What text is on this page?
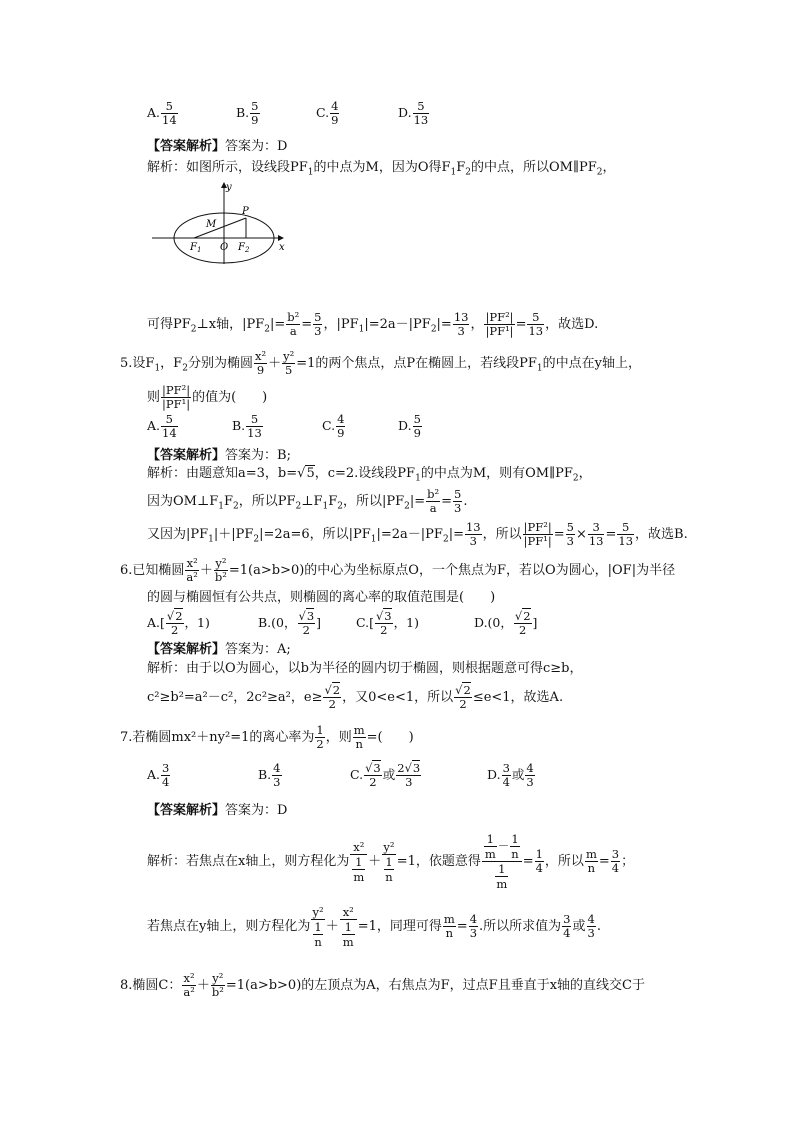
A. $\frac{5}{14}$	B. $\frac{5}{9}$	C. $\frac{4}{9}$	D. $\frac{5}{13}$
【答案解析】答案为：D
解析：如图所示，设线段$PF_1$的中点为M，因为O得$F_1F_2$的中点，所以$OM\parallel PF_2$，
y
x
M
P
O
$F_1$	$F_2$
可得$PF_2\perp x$轴，$|PF_2|= \frac{\text{b²}}{a} = \frac{5}{3}$ ，$|PF_1|=2a-|PF_2|= \frac{13}{3}$ ， $\frac{\text{|PF²|}}{\text{|PF¹|}} = \frac{5}{13}$ ，故选D.
5.设$F_1$，$F_2$分别为椭圆 $\frac{\text{x²}}{9} + \frac{\text{y²}}{5} =1$的两个焦点，点P在椭圆上，若线段$PF_1$的中点在y轴上，
则 $\frac{\text{|PF²|}}{\text{|PF¹|}}$ 的值为(　　)
A. $\frac{5}{14}$	B. $\frac{5}{13}$	C. $\frac{4}{9}$	D. $\frac{5}{9}$
【答案解析】答案为：B;
解析：由题意知a=3，b=√5，c=2.设线段$PF_1$的中点为M，则有$OM\parallel PF_2$，
因为$OM\perp F_1F_2$，所以$PF_2\perp F_1F_2$，所以$|PF_2|= \frac{\text{b²}}{a} = \frac{5}{3}$ .
又因为$|PF_1|+|PF_2|=2a=6$，所以$|PF_1|=2a-|PF_2|= \frac{13}{3}$ ，所以 $\frac{\text{|PF²|}}{\text{|PF¹|}} = \frac{5}{3} \times \frac{3}{13} = \frac{5}{13}$ ，故选B.
6.已知椭圆 $\frac{\text{x²}}{\text{a²}} + \frac{\text{y²}}{\text{b²}} =1(a>b>0)$的中心为坐标原点O，一个焦点为F，若以O为圆心，|OF|为半径
的圆与椭圆恒有公共点，则椭圆的离心率的取值范围是(　　)
$A.[ \frac{√2}{2}$ ，1)	B.(0， $\frac{√3}{2}$ ]	$C.[ \frac{√3}{2}$ ，1)	D.(0， $\frac{√2}{2}$ ]
【答案解析】答案为：A;
解析：由于以O为圆心，以b为半径的圆内切于椭圆，则根据题意可得c≥b，
c²≥b²=a²－c²，2c²≥a²，$e\ge \frac{√2}{2}$ ，又0<e<1，所以 $\frac{√2}{2} \le e<1$，故选A.
7.若椭圆mx²＋ny²=1的离心率为 $\frac{1}{2}$ ，则 $\frac{m}{n}$ =(　　)
A. $\frac{3}{4}$	B. $\frac{4}{3}$	C. $\frac{√3}{2}$ 或 $\frac{2√3}{3}$	D. $\frac{3}{4}$ 或 $\frac{4}{3}$
【答案解析】答案为：D
解析：若焦点在x轴上，则方程化为 $\frac{\text{x²}}{\frac{1}{m}} + \frac{\text{y²}}{\frac{1}{n}} =1$，依题意得 $\frac{\frac{1}{m} - \frac{1}{n}}{\frac{1}{m}} = \frac{1}{4}$ ，所以 $\frac{m}{n} = \frac{3}{4}$ ；
若焦点在y轴上，则方程化为 $\frac{\text{y²}}{\frac{1}{n}} + \frac{\text{x²}}{\frac{1}{m}} =1$，同理可得 $\frac{m}{n} = \frac{4}{3}$ .所以所求值为 $\frac{3}{4}$ 或 $\frac{4}{3}$ .
8.椭圆C： $\frac{\text{x²}}{\text{a²}} + \frac{\text{y²}}{\text{b²}} =1(a>b>0)$的左顶点为A，右焦点为F，过点F且垂直于x轴的直线交C于
